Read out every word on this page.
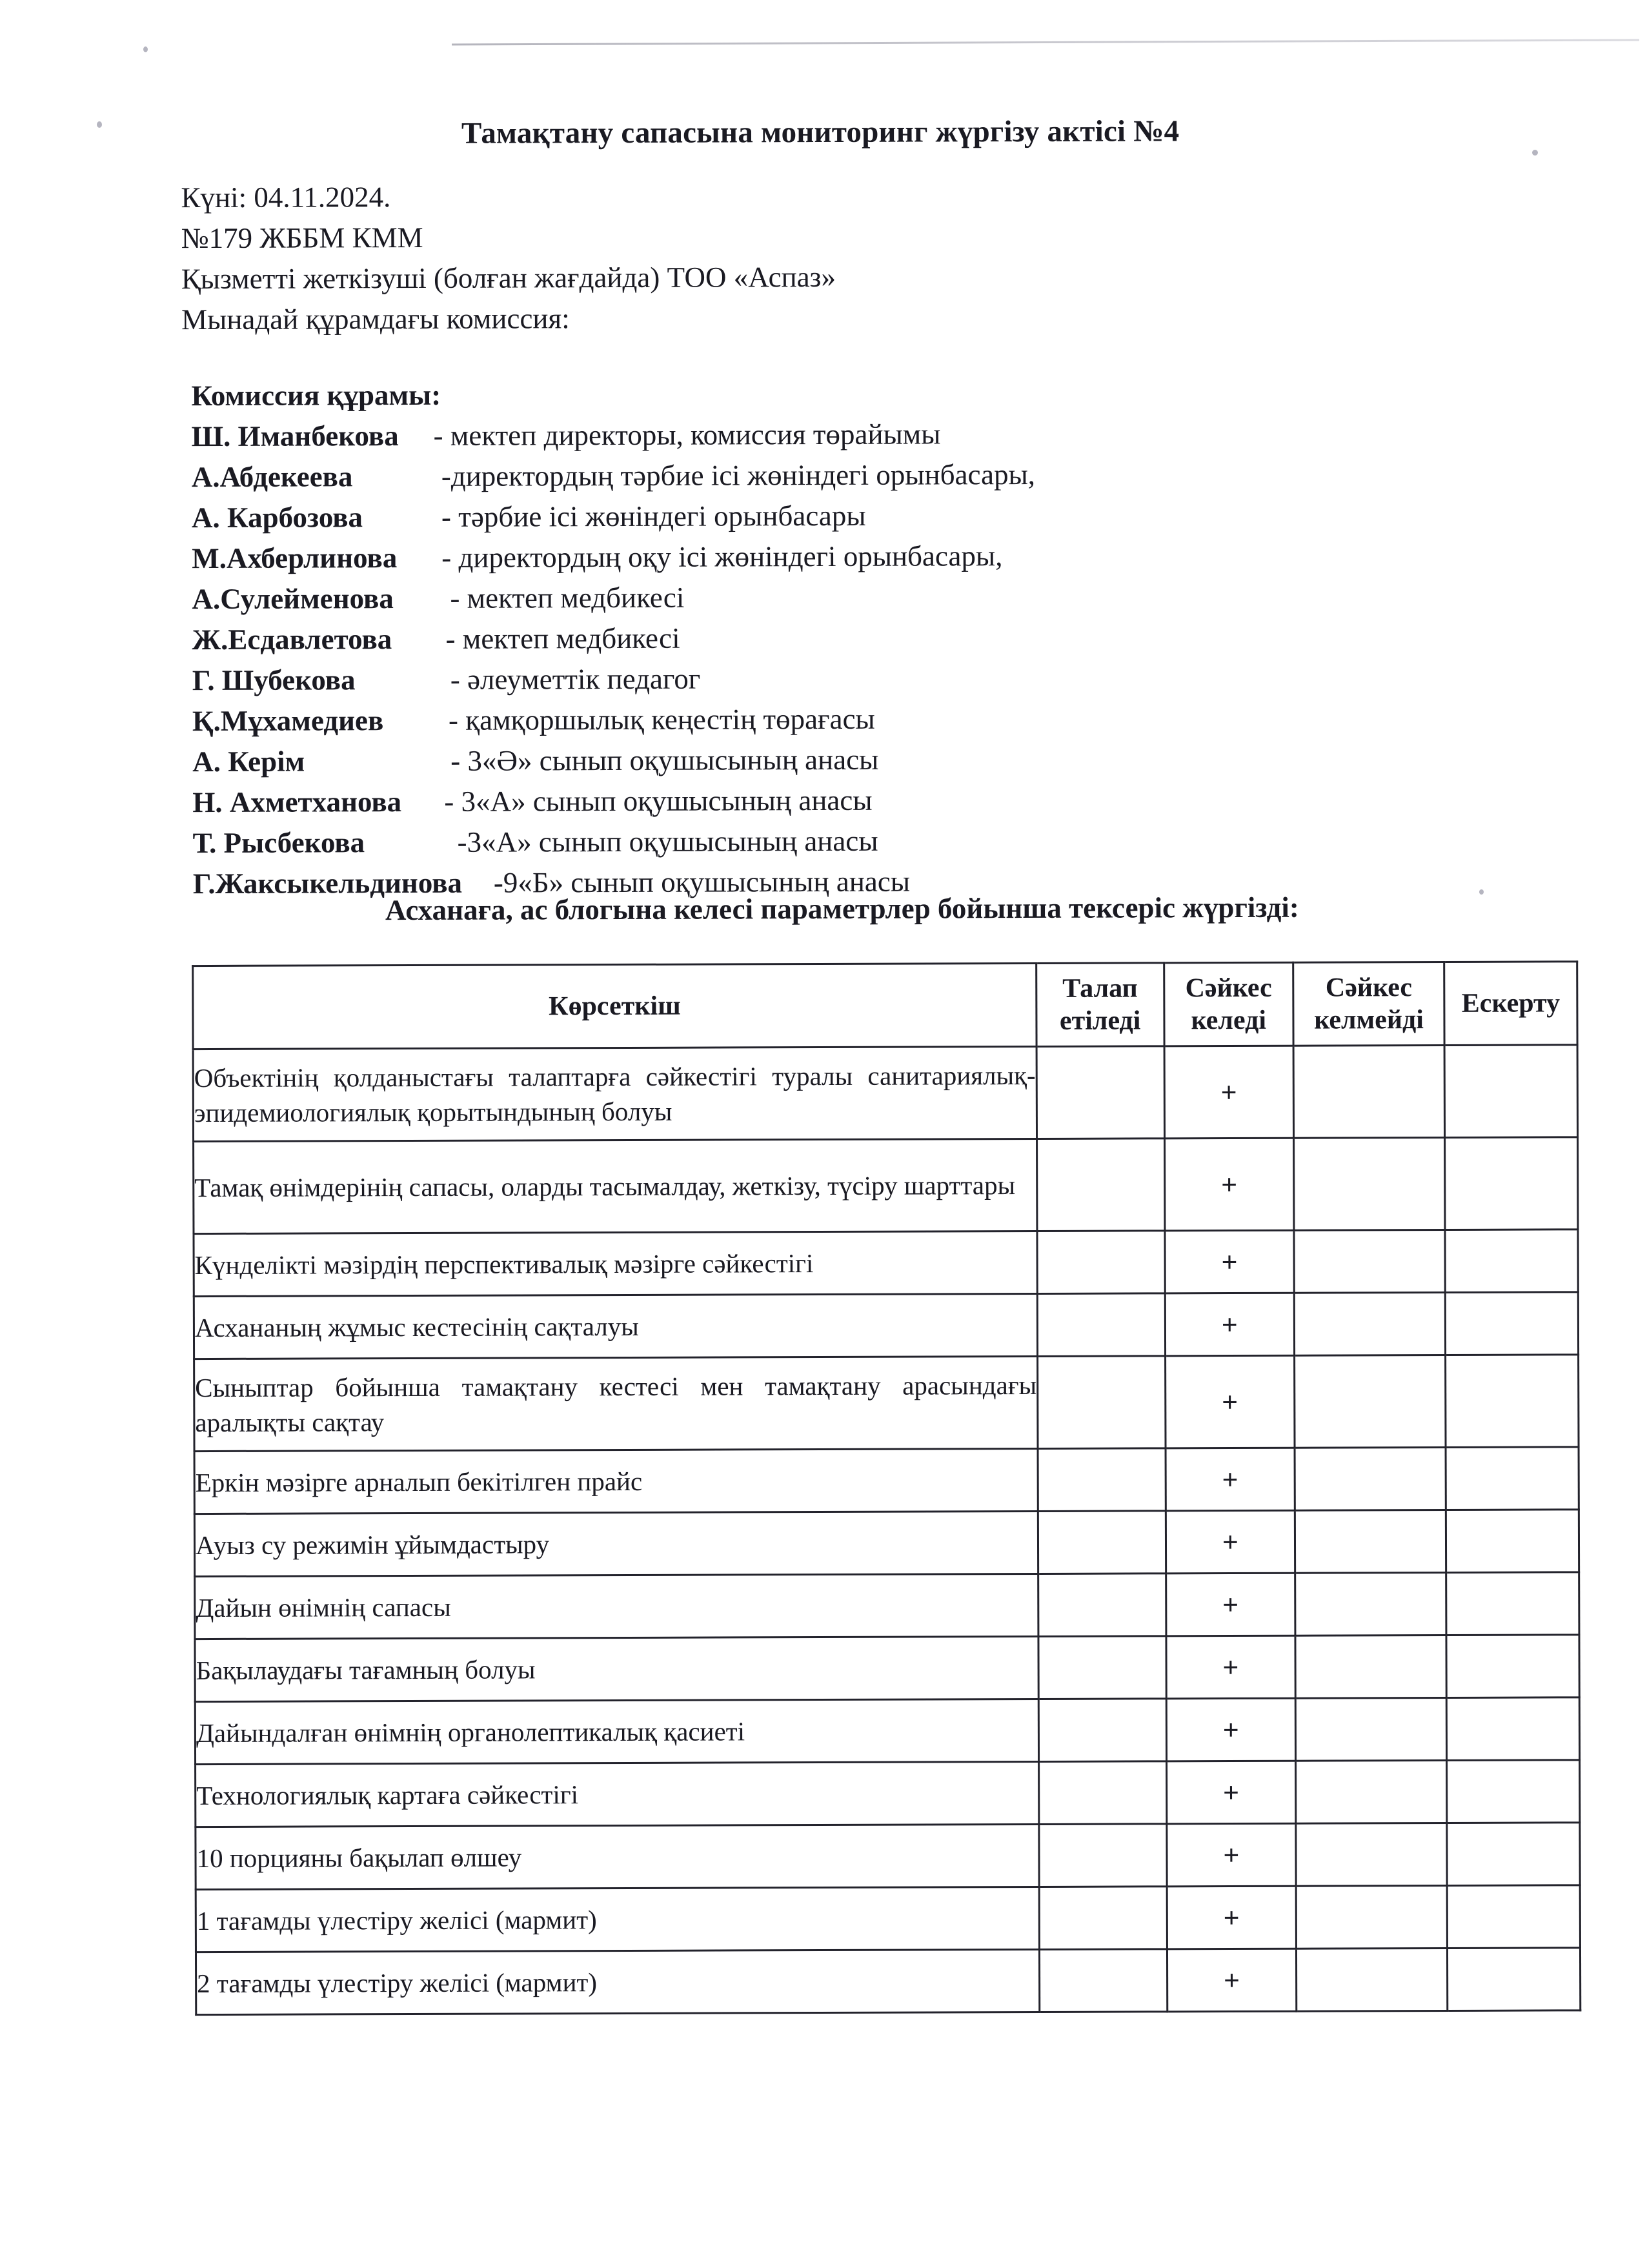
Тамақтану сапасына мониторинг жүргізу актісі №4
Күні: 04.11.2024.
№179 ЖББМ КММ
Қызметті жеткізуші (болған жағдайда) ТОО «Аспаз»
Мынадай құрамдағы комиссия:
Комиссия құрамы:
Ш. Иманбекова	- мектеп директоры, комиссия төрайымы
А.Абдекеева	-директордың тәрбие ісі жөніндегі орынбасары,
А. Карбозова	- тәрбие ісі жөніндегі орынбасары
М.Ахберлинова	- директордың оқу ісі жөніндегі орынбасары,
А.Сулейменова	- мектеп медбикесі
Ж.Есдавлетова	- мектеп медбикесі
Г. Шубекова	- әлеуметтік педагог
Қ.Мұхамедиев	- қамқоршылық кеңестің төрағасы
А. Керім	- 3«Ә» сынып оқушысының анасы
Н. Ахметханова	- 3«А» сынып оқушысының анасы
Т. Рысбекова	-3«А» сынып оқушысының анасы
Г.Жаксыкельдинова	-9«Б» сынып оқушысының анасы
Асханаға, ас блогына келесі параметрлер бойынша тексеріс жүргізді:
Көрсеткіш	Талап етіледі	Сәйкес келеді	Сәйкес келмейді	Ескерту
Объектінің қолданыстағы талаптарға сәйкестігі туралы санитариялық-эпидемиологиялық қорытындының болуы		+		
Тамақ өнімдерінің сапасы, оларды тасымалдау, жеткізу, түсіру шарттары		+		
Күнделікті мәзірдің перспективалық мәзірге сәйкестігі		+		
Асхананың жұмыс кестесінің сақталуы		+		
Сыныптар бойынша тамақтану кестесі мен тамақтану арасындағы аралықты сақтау		+		
Еркін мәзірге арналып бекітілген прайс		+		
Ауыз су режимін ұйымдастыру		+		
Дайын өнімнің сапасы		+		
Бақылаудағы тағамның болуы		+		
Дайындалған өнімнің органолептикалық қасиеті		+		
Технологиялық картаға сәйкестігі		+		
10 порцияны бақылап өлшеу		+		
1 тағамды үлестіру желісі (мармит)		+		
2 тағамды үлестіру желісі (мармит)		+		
